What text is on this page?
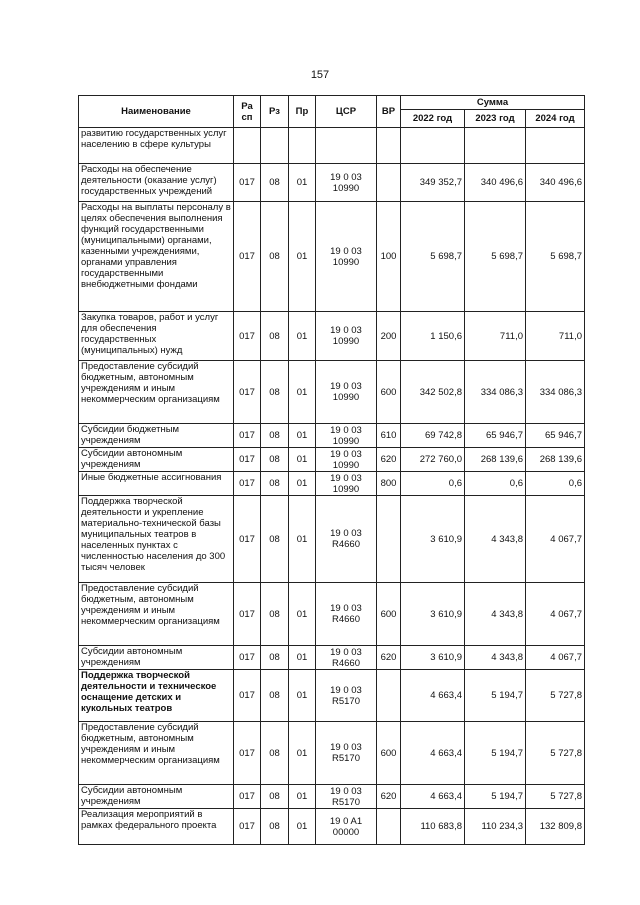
157
Наименование	Ра сп	Рз	Пр	ЦСР	ВР	Сумма		
						2022 год	2023 год	2024 год
развитию государственных услуг населению в сфере культуры								
Расходы на обеспечение деятельности (оказание услуг) государственных учреждений	017	08	01	19 0 03 10990		349 352,7	340 496,6	340 496,6
Расходы на выплаты персоналу в целях обеспечения выполнения функций государственными (муниципальными) органами, казенными учреждениями, органами управления государственными внебюджетными фондами	017	08	01	19 0 03 10990	100	5 698,7	5 698,7	5 698,7
Закупка товаров, работ и услуг для обеспечения государственных (муниципальных) нужд	017	08	01	19 0 03 10990	200	1 150,6	711,0	711,0
Предоставление субсидий бюджетным, автономным учреждениям и иным некоммерческим организациям	017	08	01	19 0 03 10990	600	342 502,8	334 086,3	334 086,3
Субсидии бюджетным учреждениям	017	08	01	19 0 03 10990	610	69 742,8	65 946,7	65 946,7
Субсидии автономным учреждениям	017	08	01	19 0 03 10990	620	272 760,0	268 139,6	268 139,6
Иные бюджетные ассигнования	017	08	01	19 0 03 10990	800	0,6	0,6	0,6
Поддержка творческой деятельности и укрепление материально-технической базы муниципальных театров в населенных пунктах с численностью населения до 300 тысяч человек	017	08	01	19 0 03 R4660		3 610,9	4 343,8	4 067,7
Предоставление субсидий бюджетным, автономным учреждениям и иным некоммерческим организациям	017	08	01	19 0 03 R4660	600	3 610,9	4 343,8	4 067,7
Субсидии автономным учреждениям	017	08	01	19 0 03 R4660	620	3 610,9	4 343,8	4 067,7
Поддержка творческой деятельности и техническое оснащение детских и кукольных театров	017	08	01	19 0 03 R5170		4 663,4	5 194,7	5 727,8
Предоставление субсидий бюджетным, автономным учреждениям и иным некоммерческим организациям	017	08	01	19 0 03 R5170	600	4 663,4	5 194,7	5 727,8
Субсидии автономным учреждениям	017	08	01	19 0 03 R5170	620	4 663,4	5 194,7	5 727,8
Реализация мероприятий в рамках федерального проекта	017	08	01	19 0 A1 00000		110 683,8	110 234,3	132 809,8
